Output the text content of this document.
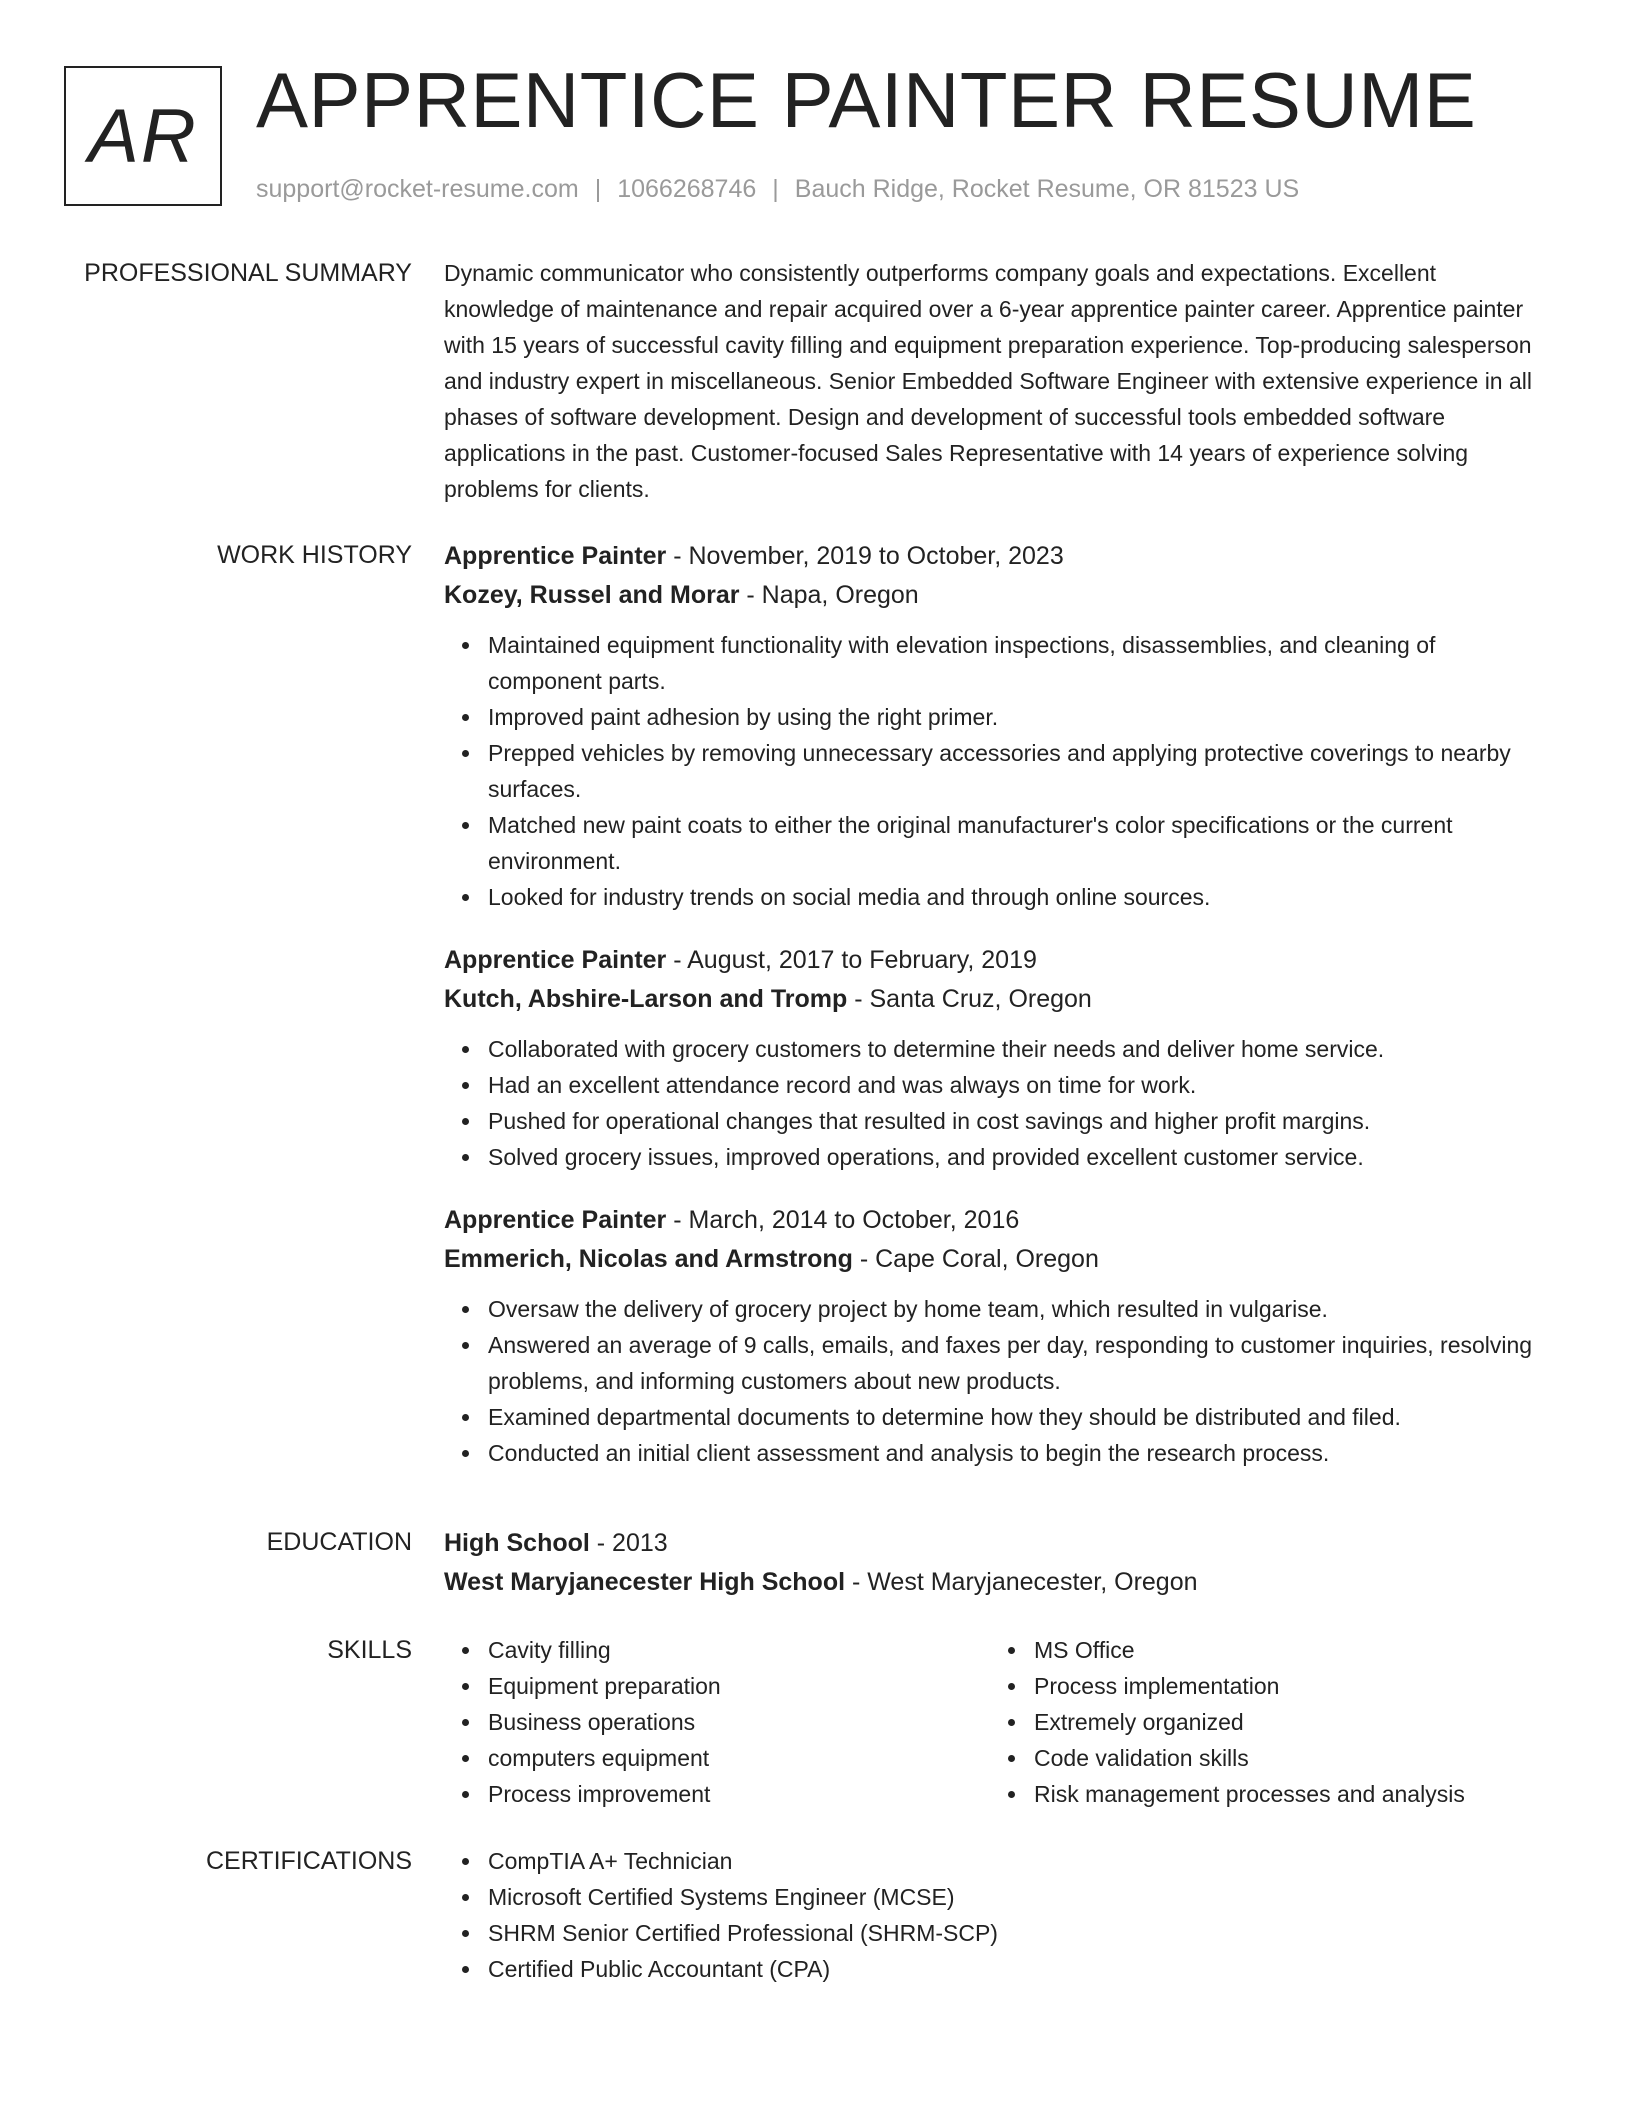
AR APPRENTICE PAINTER RESUME
support@rocket-resume.com | 1066268746 | Bauch Ridge, Rocket Resume, OR 81523 US
PROFESSIONAL SUMMARY Dynamic communicator who consistently outperforms company goals and expectations. Excellent knowledge of maintenance and repair acquired over a 6-year apprentice painter career. Apprentice painter with 15 years of successful cavity filling and equipment preparation experience. Top-producing salesperson and industry expert in miscellaneous. Senior Embedded Software Engineer with extensive experience in all phases of software development. Design and development of successful tools embedded software applications in the past. Customer-focused Sales Representative with 14 years of experience solving problems for clients.

WORK HISTORY Apprentice Painter - November, 2019 to October, 2023
Kozey, Russel and Morar - Napa, Oregon
Maintained equipment functionality with elevation inspections, disassemblies, and cleaning of component parts.
Improved paint adhesion by using the right primer.
Prepped vehicles by removing unnecessary accessories and applying protective coverings to nearby surfaces.
Matched new paint coats to either the original manufacturer's color specifications or the current environment.
Looked for industry trends on social media and through online sources.
Apprentice Painter - August, 2017 to February, 2019
Kutch, Abshire-Larson and Tromp - Santa Cruz, Oregon
Collaborated with grocery customers to determine their needs and deliver home service.
Had an excellent attendance record and was always on time for work.
Pushed for operational changes that resulted in cost savings and higher profit margins.
Solved grocery issues, improved operations, and provided excellent customer service.
Apprentice Painter - March, 2014 to October, 2016
Emmerich, Nicolas and Armstrong - Cape Coral, Oregon
Oversaw the delivery of grocery project by home team, which resulted in vulgarise.
Answered an average of 9 calls, emails, and faxes per day, responding to customer inquiries, resolving problems, and informing customers about new products.
Examined departmental documents to determine how they should be distributed and filed.
Conducted an initial client assessment and analysis to begin the research process.
EDUCATION High School - 2013
West Maryjanecester High School - West Maryjanecester, Oregon
SKILLS	Cavity filling
Equipment preparation
Business operations
computers equipment
Process improvement
MS Office
Process implementation
Extremely organized
Code validation skills
Risk management processes and analysis
CERTIFICATIONS	CompTIA A+ Technician
Microsoft Certified Systems Engineer (MCSE)
SHRM Senior Certified Professional (SHRM-SCP)
Certified Public Accountant (CPA)
